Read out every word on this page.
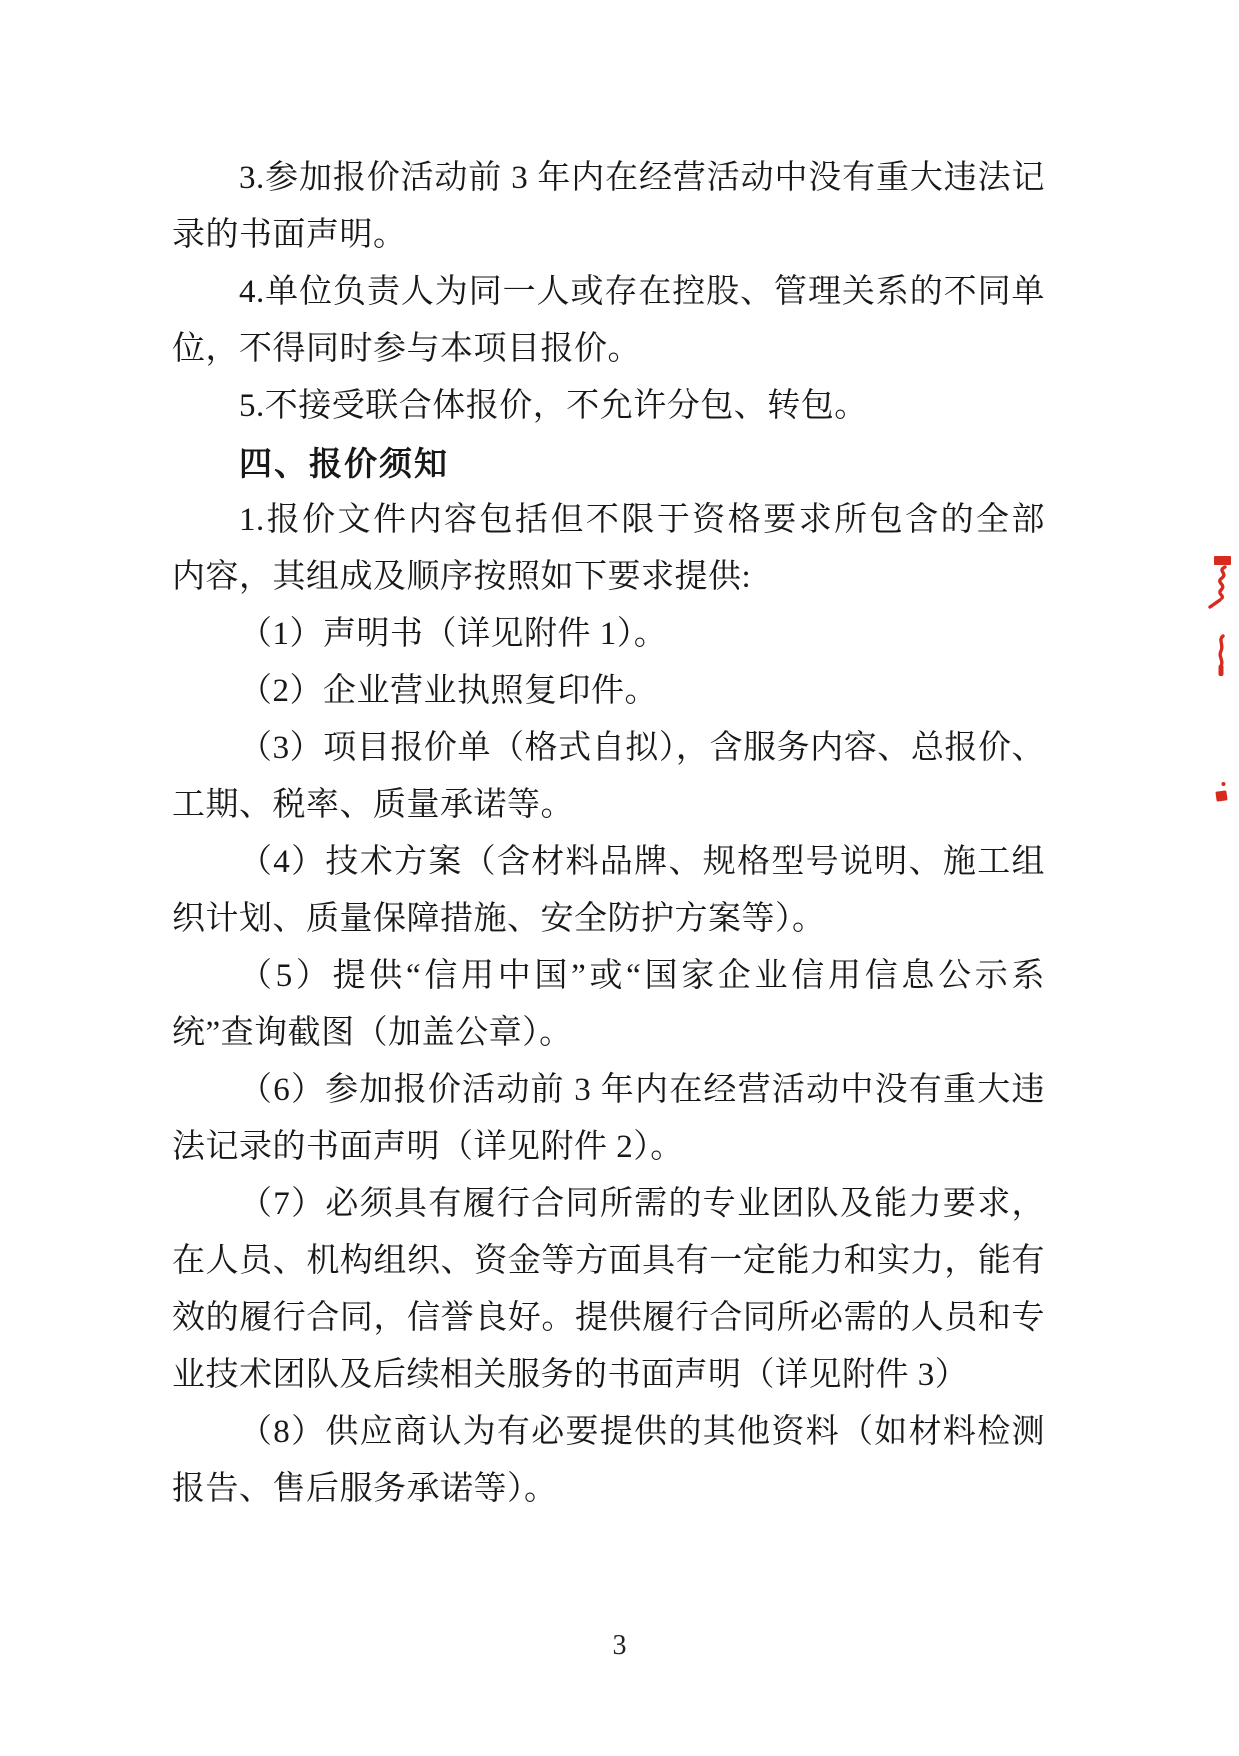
3.参加报价活动前 3 年内在经营活动中没有重大违法记
录的书面声明。
4.单位负责人为同一人或存在控股、管理关系的不同单
位，不得同时参与本项目报价。
5.不接受联合体报价，不允许分包、转包。
四、报价须知
1.报价文件内容包括但不限于资格要求所包含的全部
内容，其组成及顺序按照如下要求提供:
（1）声明书（详见附件 1）。
（2）企业营业执照复印件。
（3）项目报价单（格式自拟），含服务内容、总报价、
工期、税率、质量承诺等。
（4）技术方案（含材料品牌、规格型号说明、施工组
织计划、质量保障措施、安全防护方案等）。
（5）提供“信用中国”或“国家企业信用信息公示系
统”查询截图（加盖公章）。
（6）参加报价活动前 3 年内在经营活动中没有重大违
法记录的书面声明（详见附件 2）。
（7）必须具有履行合同所需的专业团队及能力要求，
在人员、机构组织、资金等方面具有一定能力和实力，能有
效的履行合同，信誉良好。提供履行合同所必需的人员和专
业技术团队及后续相关服务的书面声明（详见附件 3）
（8）供应商认为有必要提供的其他资料（如材料检测
报告、售后服务承诺等）。
3
